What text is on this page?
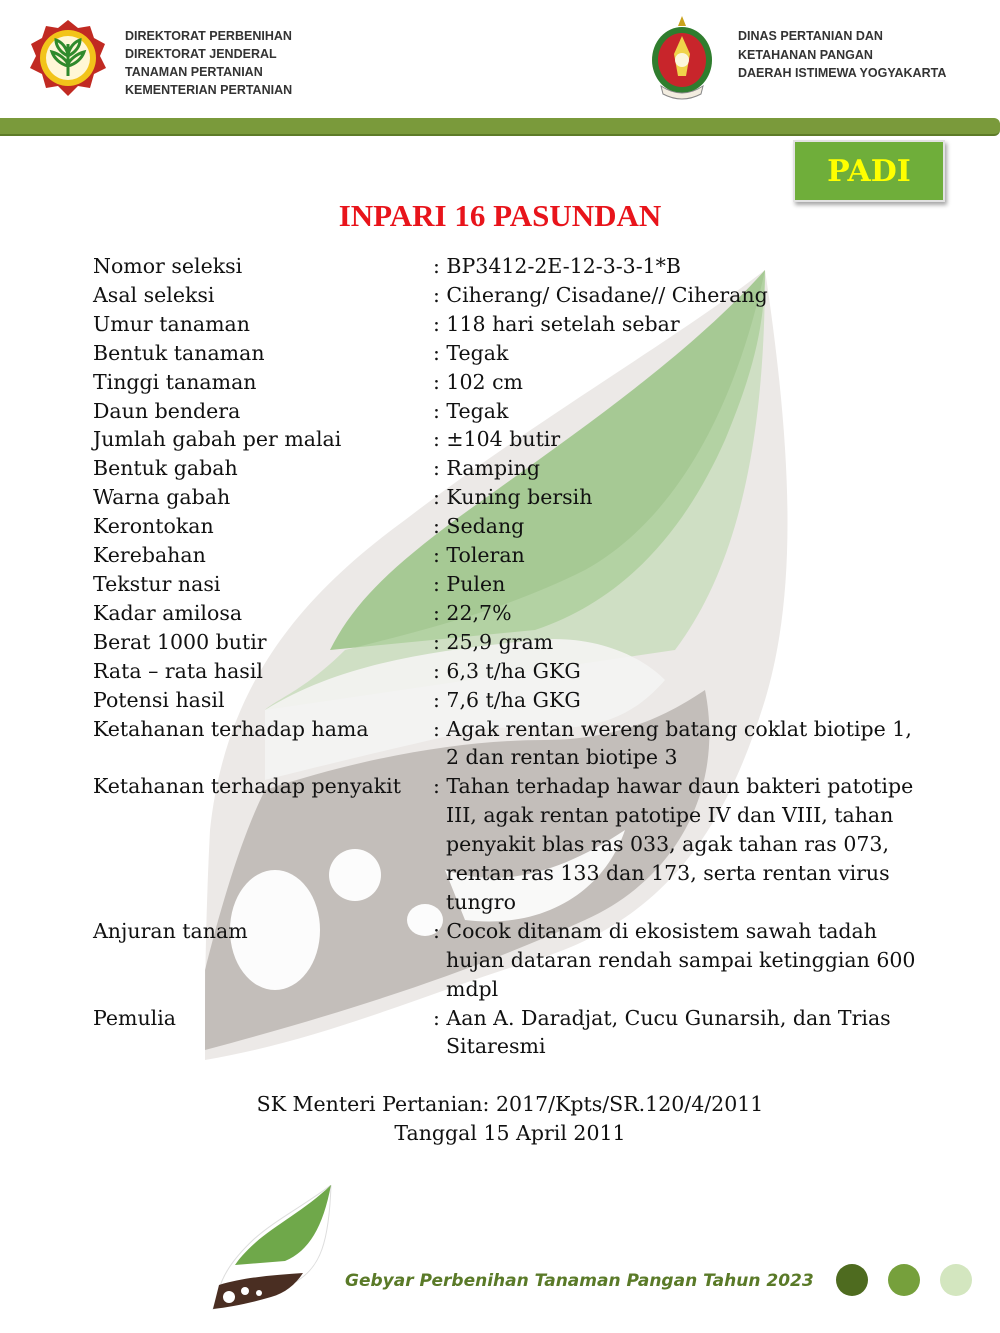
DIREKTORAT PERBENIHAN
DIREKTORAT JENDERAL
TANAMAN PERTANIAN
KEMENTERIAN PERTANIAN
DINAS PERTANIAN DAN
KETAHANAN PANGAN
DAERAH ISTIMEWA YOGYAKARTA
PADI
INPARI 16 PASUNDAN
Nomor seleksi	: BP3412-2E-12-3-3-1*B
Asal seleksi	: Ciherang/ Cisadane// Ciherang
Umur tanaman	: 118 hari setelah sebar
Bentuk tanaman	: Tegak
Tinggi tanaman	: 102 cm
Daun bendera	: Tegak
Jumlah gabah per malai	: ±104 butir
Bentuk gabah	: Ramping
Warna gabah	: Kuning bersih
Kerontokan	: Sedang
Kerebahan	: Toleran
Tekstur nasi	: Pulen
Kadar amilosa	: 22,7%
Berat 1000 butir	: 25,9 gram
Rata – rata hasil	: 6,3 t/ha GKG
Potensi hasil	: 7,6 t/ha GKG
Ketahanan terhadap hama	: Agak rentan wereng batang coklat biotipe 1, 2 dan rentan biotipe 3
Ketahanan terhadap penyakit	: Tahan terhadap hawar daun bakteri patotipe III, agak rentan patotipe IV dan VIII, tahan penyakit blas ras 033, agak tahan ras 073, rentan ras 133 dan 173, serta rentan virus tungro
Anjuran tanam	: Cocok ditanam di ekosistem sawah tadah hujan dataran rendah sampai ketinggian 600 mdpl
Pemulia	: Aan A. Daradjat, Cucu Gunarsih, dan Trias Sitaresmi
SK Menteri Pertanian: 2017/Kpts/SR.120/4/2011
Tanggal 15 April 2011
Gebyar Perbenihan Tanaman Pangan Tahun 2023
